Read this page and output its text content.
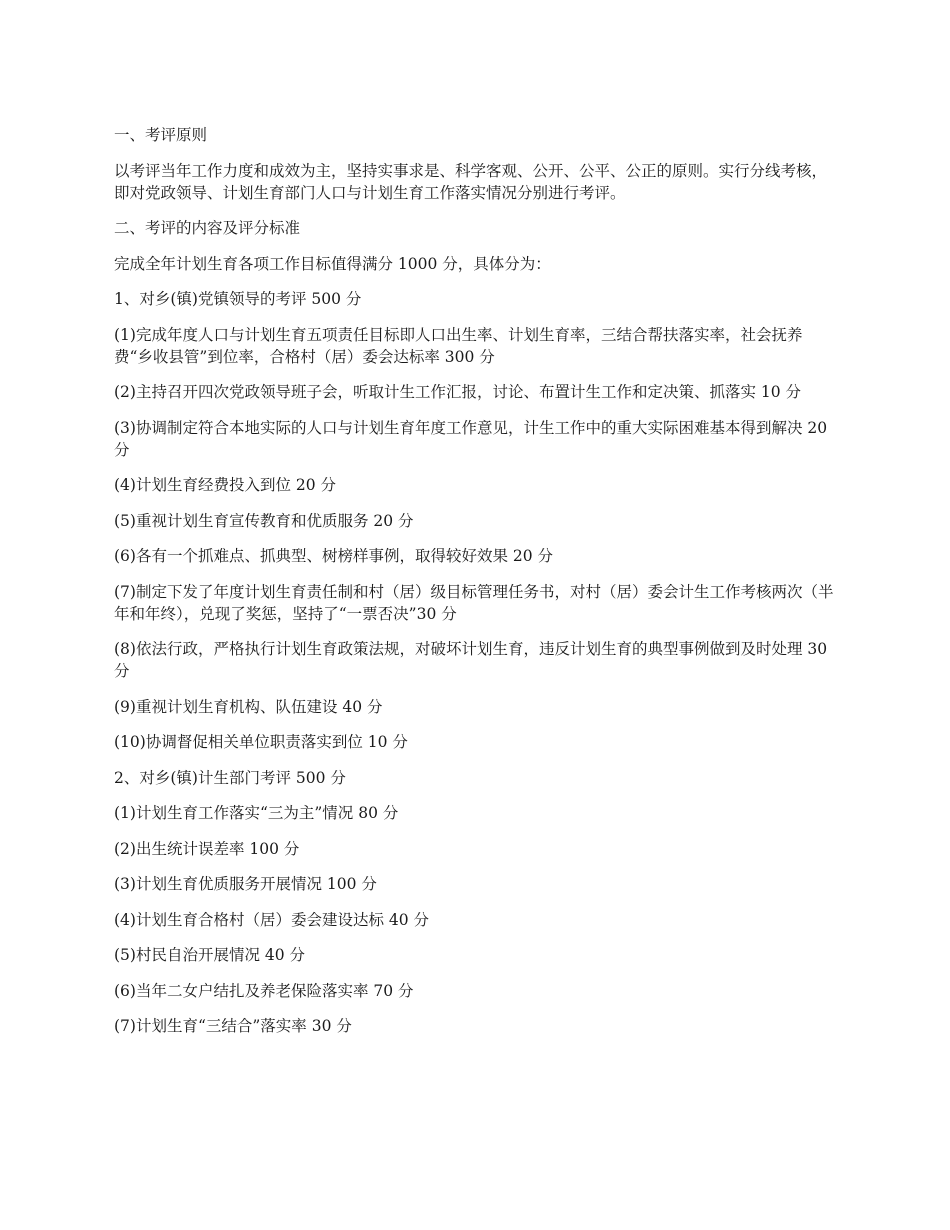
一、考评原则

以考评当年工作力度和成效为主，坚持实事求是、科学客观、公开、公平、公正的原则。实行分线考核，即对党政领导、计划生育部门人口与计划生育工作落实情况分别进行考评。

二、考评的内容及评分标准

完成全年计划生育各项工作目标值得满分 1000 分，具体分为：

1、对乡(镇)党镇领导的考评 500 分

(1)完成年度人口与计划生育五项责任目标即人口出生率、计划生育率，三结合帮扶落实率，社会抚养费“乡收县管”到位率，合格村（居）委会达标率 300 分

(2)主持召开四次党政领导班子会，听取计生工作汇报，讨论、布置计生工作和定决策、抓落实 10 分

(3)协调制定符合本地实际的人口与计划生育年度工作意见，计生工作中的重大实际困难基本得到解决 20 分

(4)计划生育经费投入到位 20 分

(5)重视计划生育宣传教育和优质服务 20 分

(6)各有一个抓难点、抓典型、树榜样事例，取得较好效果 20 分

(7)制定下发了年度计划生育责任制和村（居）级目标管理任务书，对村（居）委会计生工作考核两次（半年和年终），兑现了奖惩，坚持了“一票否决”30 分

(8)依法行政，严格执行计划生育政策法规，对破坏计划生育，违反计划生育的典型事例做到及时处理 30 分

(9)重视计划生育机构、队伍建设 40 分

(10)协调督促相关单位职责落实到位 10 分

2、对乡(镇)计生部门考评 500 分

(1)计划生育工作落实“三为主”情况 80 分

(2)出生统计误差率 100 分

(3)计划生育优质服务开展情况 100 分

(4)计划生育合格村（居）委会建设达标 40 分

(5)村民自治开展情况 40 分

(6)当年二女户结扎及养老保险落实率 70 分

(7)计划生育“三结合”落实率 30 分
